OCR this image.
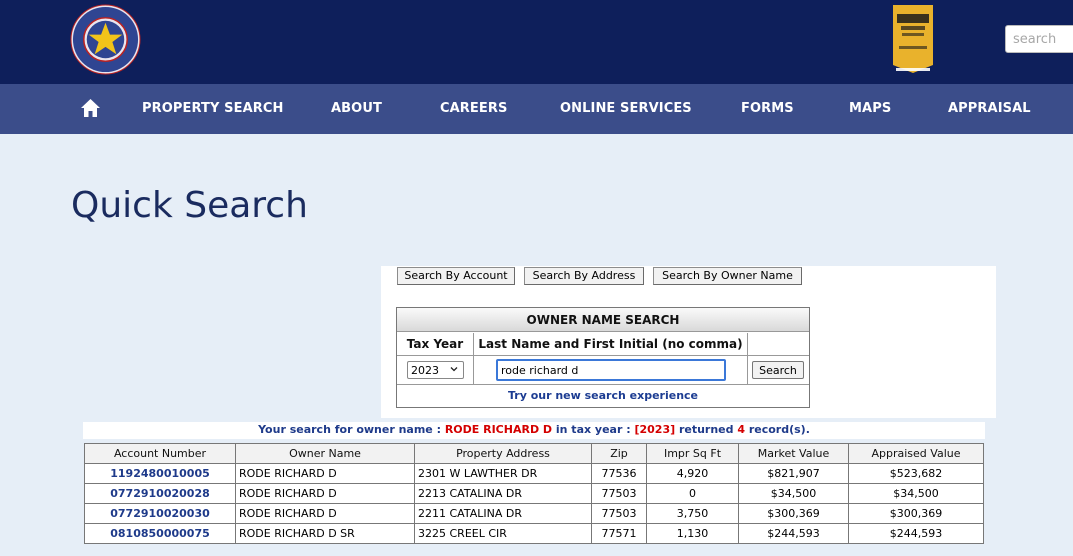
search
PROPERTY SEARCH	ABOUT	CAREERS	ONLINE SERVICES	FORMS	MAPS	APPRAISAL
Quick Search
Search By Account	Search By Address	Search By Owner Name
OWNER NAME SEARCH
Tax Year	Last Name and First Initial (no comma)
2023
rode richard d
Search
Try our new search experience
Your search for owner name : RODE RICHARD D in tax year : [2023] returned 4 record(s).
Account Number	Owner Name	Property Address	Zip	Impr Sq Ft	Market Value	Appraised Value
1192480010005	RODE RICHARD D	2301 W LAWTHER DR	77536	4,920	$821,907	$523,682
0772910020028	RODE RICHARD D	2213 CATALINA DR	77503	0	$34,500	$34,500
0772910020030	RODE RICHARD D	2211 CATALINA DR	77503	3,750	$300,369	$300,369
0810850000075	RODE RICHARD D SR	3225 CREEL CIR	77571	1,130	$244,593	$244,593
